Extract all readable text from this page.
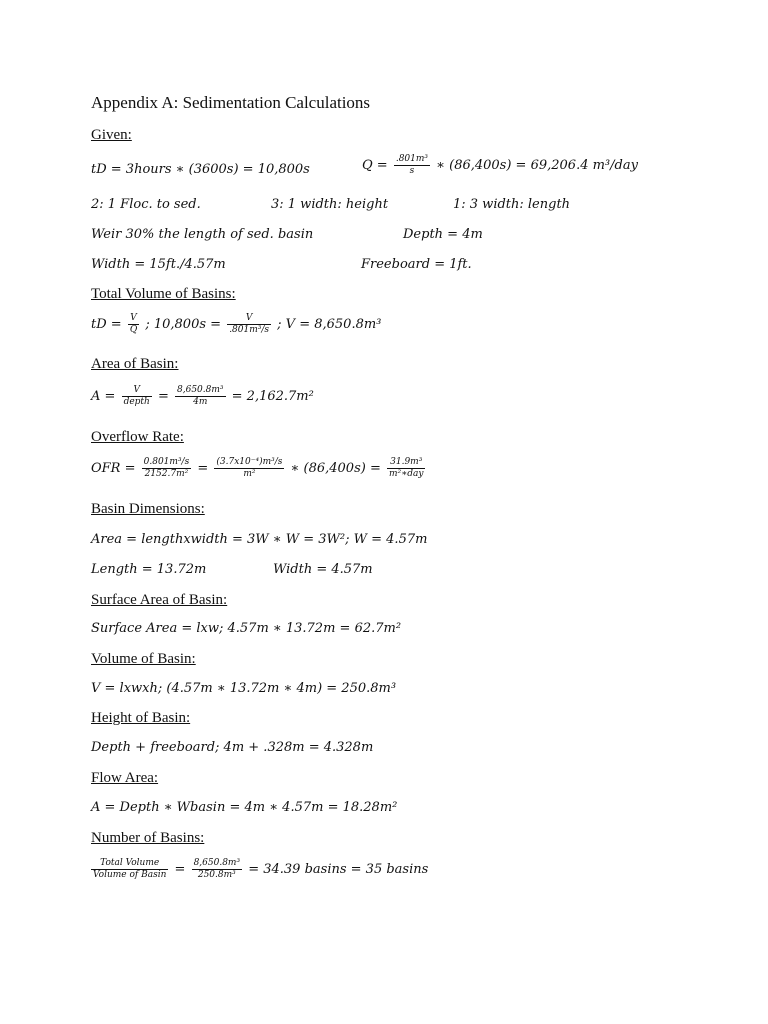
Appendix A: Sedimentation Calculations
Given:
tD = 3hours ∗ (3600s) = 10,800s	$Q = \frac{\text{.801m³}}{s}$ ∗ (86,400s) = 69,206.4 m³/day
2: 1 Floc. to sed.	3: 1 width: height	1: 3 width: length
Weir 30% the length of sed. basin	Depth = 4m
Width = 15ft./4.57m	Freeboard = 1ft.
Total Volume of Basins:
tD = $\frac{V}{Q}$ ; $10,800s = \frac{V}{\text{.801m³/s}}$ ; V = 8,650.8m³
Area of Basin:
$A = \frac{V}{\text{depth}} = \frac{\text{8,650.8m³}}{4m} = 2,162.7m^2$
Overflow Rate:
OFR = $\frac{\text{0.801m³/s}}{\text{2152.7m²}} = \frac{\text{(3.7x10⁻⁴)m³/s}}{\text{m²}}$ ∗ $(86,400s) = \frac{\text{31.9m³}}{\text{m²∗day}}$
Basin Dimensions:
Area = lengthxwidth = 3W ∗ W = 3W²; W = 4.57m
Length = 13.72m	Width = 4.57m
Surface Area of Basin:
Surface Area = lxw; 4.57m ∗ 13.72m = 62.7m²
Volume of Basin:
V = lxwxh; (4.57m ∗ 13.72m ∗ 4m) = 250.8m³
Height of Basin:
Depth + freeboard; 4m + .328m = 4.328m
Flow Area:
A = Depth ∗ Wbasin = 4m ∗ 4.57m = 18.28m²
Number of Basins:
$\frac{\text{Total Volume}}{\text{Volume of Basin}} = \frac{\text{8,650.8m³}}{\text{250.8m³}} = 34.39$ basins = 35 basins
